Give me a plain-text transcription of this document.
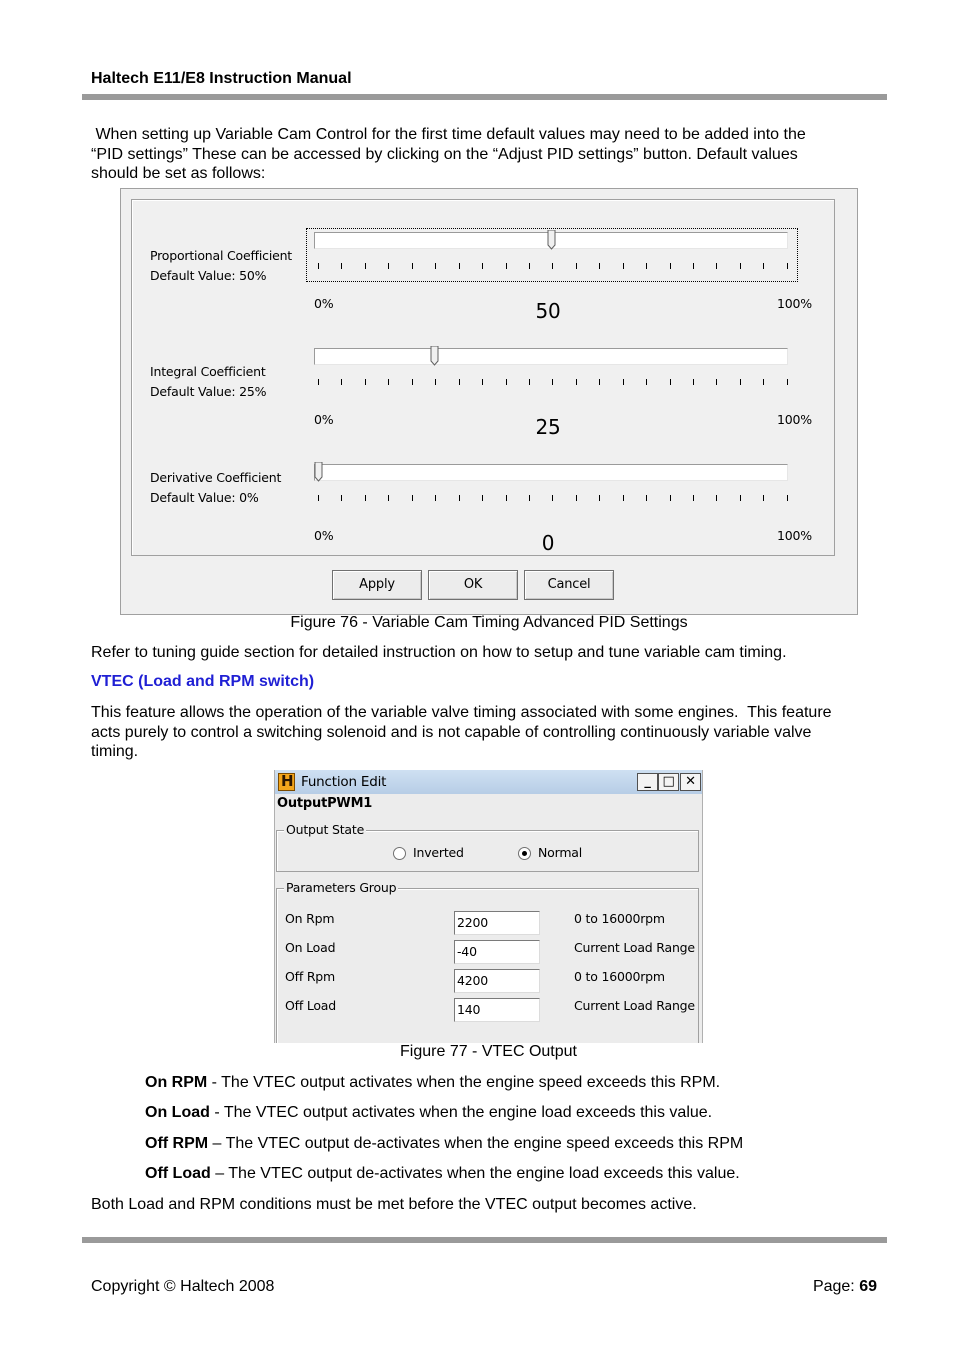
Haltech E11/E8 Instruction Manual
When setting up Variable Cam Control for the first time default values may need to be added into the
“PID settings” These can be accessed by clicking on the “Adjust PID settings” button. Default values
should be set as follows:
Proportional Coefficient
Default Value: 50%
0%	100%
50
Integral Coefficient
Default Value: 25%
0%	100%
25
Derivative Coefficient
Default Value: 0%
0%	100%
0
Apply	OK	Cancel
Figure 76 - Variable Cam Timing Advanced PID Settings
Refer to tuning guide section for detailed instruction on how to setup and tune variable cam timing.
VTEC (Load and RPM switch)
This feature allows the operation of the variable valve timing associated with some engines.  This feature
acts purely to control a switching solenoid and is not capable of controlling continuously variable valve
timing.
H
Function Edit	_ □ ✕
OutputPWM1
Output State
Inverted	Normal
Parameters Group
On Rpm	2200	0 to 16000rpm
On Load	-40	Current Load Range
Off Rpm	4200	0 to 16000rpm
Off Load	140	Current Load Range
Figure 77 - VTEC Output
On RPM - The VTEC output activates when the engine speed exceeds this RPM.
On Load - The VTEC output activates when the engine load exceeds this value.
Off RPM – The VTEC output de-activates when the engine speed exceeds this RPM
Off Load – The VTEC output de-activates when the engine load exceeds this value.
Both Load and RPM conditions must be met before the VTEC output becomes active.
Copyright © Haltech 2008	Page: 69
